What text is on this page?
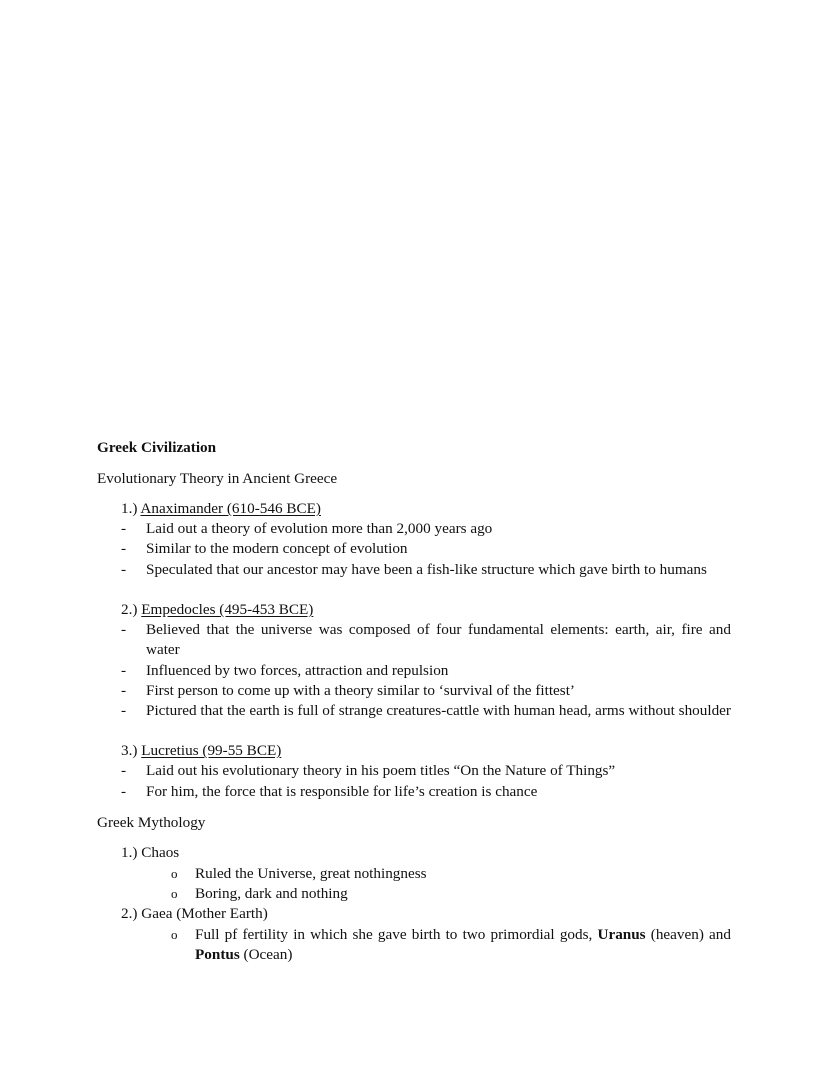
Greek Civilization
Evolutionary Theory in Ancient Greece
1.) Anaximander (610-546 BCE)
- Laid out a theory of evolution more than 2,000 years ago
- Similar to the modern concept of evolution
- Speculated that our ancestor may have been a fish-like structure which gave birth to humans
2.) Empedocles (495-453 BCE)
- Believed that the universe was composed of four fundamental elements: earth, air, fire and water
- Influenced by two forces, attraction and repulsion
- First person to come up with a theory similar to ‘survival of the fittest’
- Pictured that the earth is full of strange creatures-cattle with human head, arms without shoulder
3.) Lucretius (99-55 BCE)
- Laid out his evolutionary theory in his poem titles “On the Nature of Things”
- For him, the force that is responsible for life’s creation is chance
Greek Mythology
1.) Chaos
o Ruled the Universe, great nothingness
o Boring, dark and nothing
2.) Gaea (Mother Earth)
o Full pf fertility in which she gave birth to two primordial gods, Uranus (heaven) and Pontus (Ocean)
